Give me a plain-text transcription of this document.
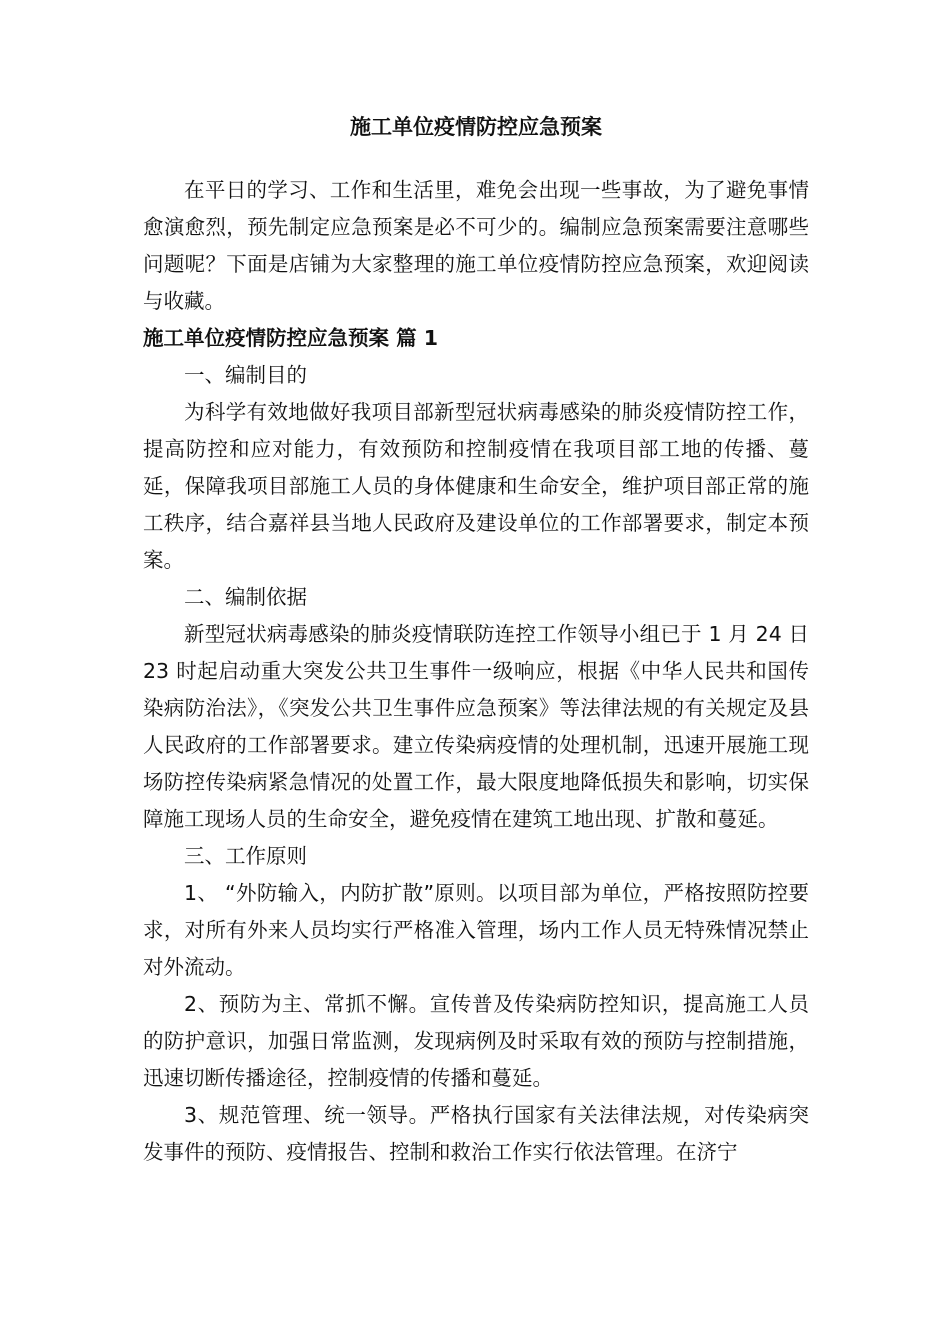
施工单位疫情防控应急预案

在平日的学习、工作和生活里，难免会出现一些事故，为了避免事情愈演愈烈，预先制定应急预案是必不可少的。编制应急预案需要注意哪些问题呢？下面是店铺为大家整理的施工单位疫情防控应急预案，欢迎阅读与收藏。

施工单位疫情防控应急预案 篇 1

一、编制目的

为科学有效地做好我项目部新型冠状病毒感染的肺炎疫情防控工作，提高防控和应对能力，有效预防和控制疫情在我项目部工地的传播、蔓延，保障我项目部施工人员的身体健康和生命安全，维护项目部正常的施工秩序，结合嘉祥县当地人民政府及建设单位的工作部署要求，制定本预案。

二、编制依据

新型冠状病毒感染的肺炎疫情联防连控工作领导小组已于 1 月 24 日 23 时起启动重大突发公共卫生事件一级响应，根据《中华人民共和国传染病防治法》，《突发公共卫生事件应急预案》等法律法规的有关规定及县人民政府的工作部署要求。建立传染病疫情的处理机制，迅速开展施工现场防控传染病紧急情况的处置工作，最大限度地降低损失和影响，切实保障施工现场人员的生命安全，避免疫情在建筑工地出现、扩散和蔓延。

三、工作原则

1、 “外防输入，内防扩散”原则。以项目部为单位，严格按照防控要求，对所有外来人员均实行严格准入管理，场内工作人员无特殊情况禁止对外流动。

2、预防为主、常抓不懈。宣传普及传染病防控知识，提高施工人员的防护意识，加强日常监测，发现病例及时采取有效的预防与控制措施，迅速切断传播途径，控制疫情的传播和蔓延。

3、规范管理、统一领导。严格执行国家有关法律法规，对传染病突发事件的预防、疫情报告、控制和救治工作实行依法管理。在济宁
